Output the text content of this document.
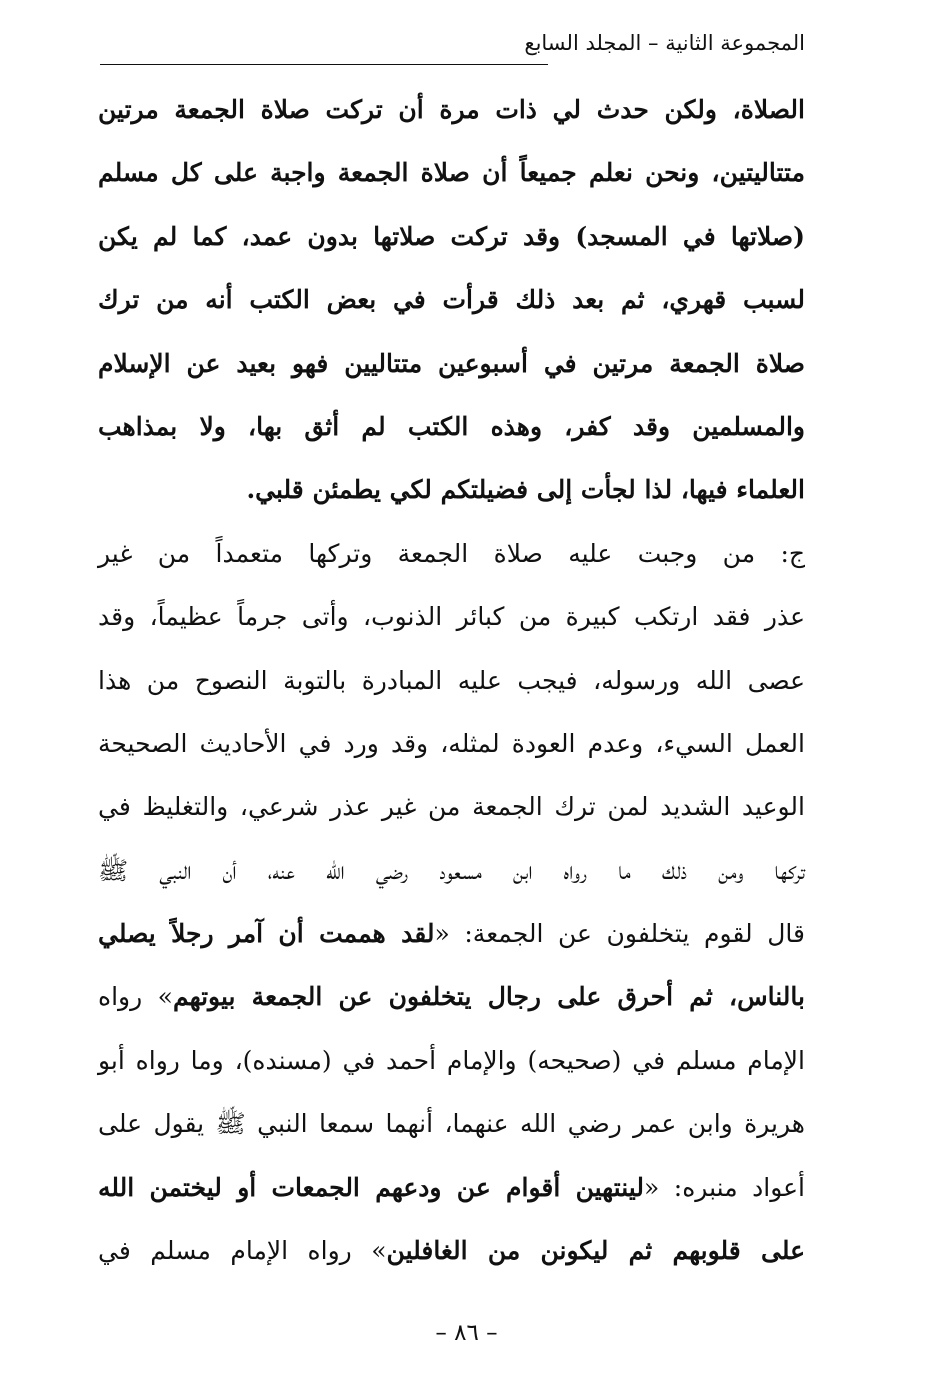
المجموعة الثانية – المجلد السابع
الصلاة، ولكن حدث لي ذات مرة أن تركت صلاة الجمعة مرتين
متتاليتين، ونحن نعلم جميعاً أن صلاة الجمعة واجبة على كل مسلم
(صلاتها في المسجد) وقد تركت صلاتها بدون عمد، كما لم يكن
لسبب قهري، ثم بعد ذلك قرأت في بعض الكتب أنه من ترك
صلاة الجمعة مرتين في أسبوعين متتاليين فهو بعيد عن الإسلام
والمسلمين وقد كفر، وهذه الكتب لم أثق بها، ولا بمذاهب
العلماء فيها، لذا لجأت إلى فضيلتكم لكي يطمئن قلبي.
ج: من وجبت عليه صلاة الجمعة وتركها متعمداً من غير
عذر فقد ارتكب كبيرة من كبائر الذنوب، وأتى جرماً عظيماً، وقد
عصى الله ورسوله، فيجب عليه المبادرة بالتوبة النصوح من هذا
العمل السيء، وعدم العودة لمثله، وقد ورد في الأحاديث الصحيحة
الوعيد الشديد لمن ترك الجمعة من غير عذر شرعي، والتغليظ في
تركها ومن ذلك ما رواه ابن مسعود رضي الله عنه، أن النبي ﷺ
قال لقوم يتخلفون عن الجمعة: «لقد هممت أن آمر رجلاً يصلي
بالناس، ثم أحرق على رجال يتخلفون عن الجمعة بيوتهم» رواه
الإمام مسلم في (صحيحه) والإمام أحمد في (مسنده)، وما رواه أبو
هريرة وابن عمر رضي الله عنهما، أنهما سمعا النبي ﷺ يقول على
أعواد منبره: «لينتهين أقوام عن ودعهم الجمعات أو ليختمن الله
على قلوبهم ثم ليكونن من الغافلين» رواه الإمام مسلم في
– ٨٦ –
